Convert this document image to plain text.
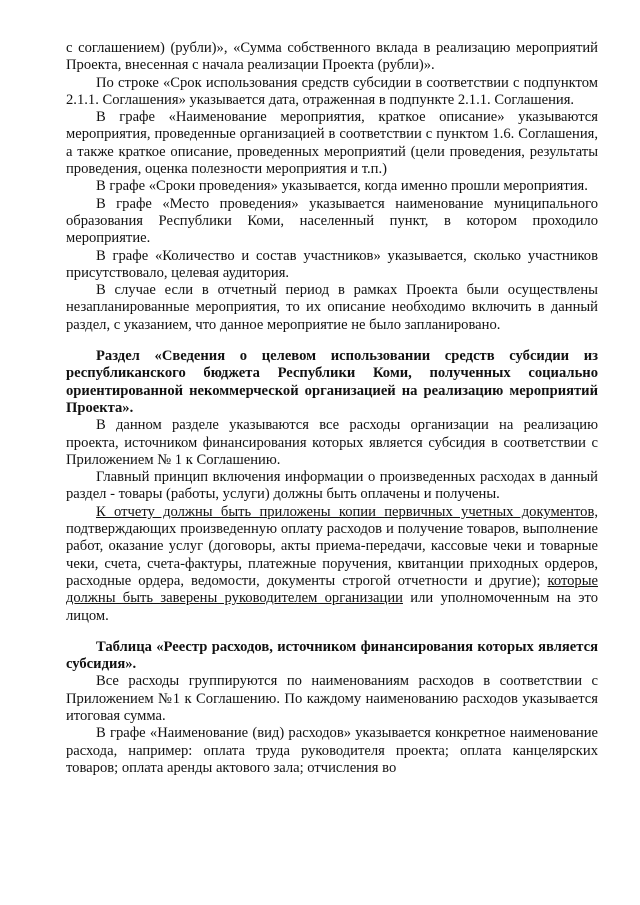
с соглашением) (рубли)», «Сумма собственного вклада в реализацию мероприятий Проекта, внесенная с начала реализации Проекта (рубли)».

По строке «Срок использования средств субсидии в соответствии с подпунктом 2.1.1. Соглашения» указывается дата, отраженная в подпункте 2.1.1. Соглашения.

В графе «Наименование мероприятия, краткое описание» указываются мероприятия, проведенные организацией в соответствии с пунктом 1.6. Соглашения, а также краткое описание, проведенных мероприятий (цели проведения, результаты проведения, оценка полезности мероприятия и т.п.)

В графе «Сроки проведения» указывается, когда именно прошли мероприятия.

В графе «Место проведения» указывается наименование муниципального образования Республики Коми, населенный пункт, в котором проходило мероприятие.

В графе «Количество и состав участников» указывается, сколько участников присутствовало, целевая аудитория.

В случае если в отчетный период в рамках Проекта были осуществлены незапланированные мероприятия, то их описание необходимо включить в данный раздел, с указанием, что данное мероприятие не было запланировано.

Раздел «Сведения о целевом использовании средств субсидии из республиканского бюджета Республики Коми, полученных социально ориентированной некоммерческой организацией на реализацию мероприятий Проекта».

В данном разделе указываются все расходы организации на реализацию проекта, источником финансирования которых является субсидия в соответствии с Приложением № 1 к Соглашению.

Главный принцип включения информации о произведенных расходах в данный раздел - товары (работы, услуги) должны быть оплачены и получены.

К отчету должны быть приложены копии первичных учетных документов, подтверждающих произведенную оплату расходов и получение товаров, выполнение работ, оказание услуг (договоры, акты приема-передачи, кассовые чеки и товарные чеки, счета, счета-фактуры, платежные поручения, квитанции приходных ордеров, расходные ордера, ведомости, документы строгой отчетности и другие); которые должны быть заверены руководителем организации или уполномоченным на это лицом.

Таблица «Реестр расходов, источником финансирования которых является субсидия».

Все расходы группируются по наименованиям расходов в соответствии с Приложением №1 к Соглашению. По каждому наименованию расходов указывается итоговая сумма.

В графе «Наименование (вид) расходов» указывается конкретное наименование расхода, например: оплата труда руководителя проекта; оплата канцелярских товаров; оплата аренды актового зала; отчисления во
